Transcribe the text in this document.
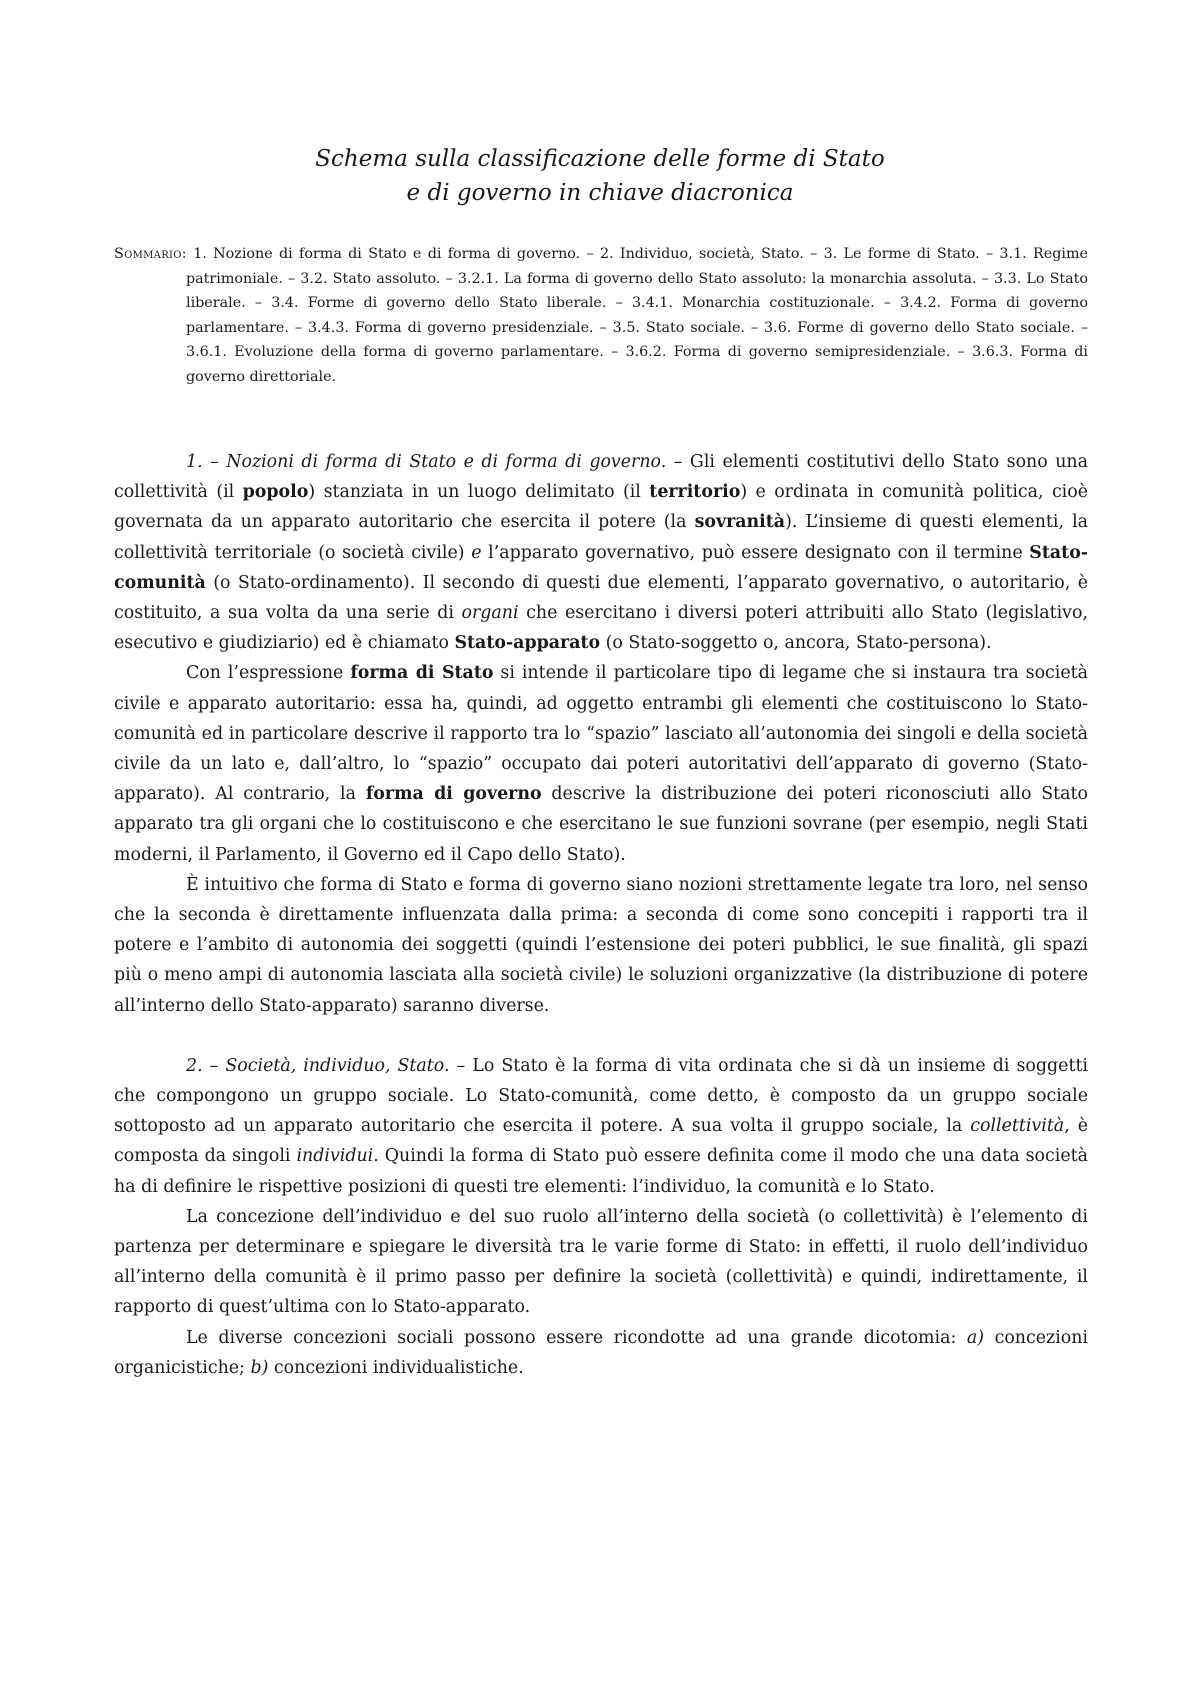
Schema sulla classificazione delle forme di Stato
e di governo in chiave diacronica
Sommario: 1. Nozione di forma di Stato e di forma di governo. – 2. Individuo, società, Stato. – 3. Le forme di Stato. – 3.1. Regime patrimoniale. – 3.2. Stato assoluto. – 3.2.1. La forma di governo dello Stato assoluto: la monarchia assoluta. – 3.3. Lo Stato liberale. – 3.4. Forme di governo dello Stato liberale. – 3.4.1. Monarchia costituzionale. – 3.4.2. Forma di governo parlamentare. – 3.4.3. Forma di governo presidenziale. – 3.5. Stato sociale. – 3.6. Forme di governo dello Stato sociale. – 3.6.1. Evoluzione della forma di governo parlamentare. – 3.6.2. Forma di governo semipresidenziale. – 3.6.3. Forma di governo direttoriale.

1. – Nozioni di forma di Stato e di forma di governo. – Gli elementi costitutivi dello Stato sono una collettività (il popolo) stanziata in un luogo delimitato (il territorio) e ordinata in comunità politica, cioè governata da un apparato autoritario che esercita il potere (la sovranità). L’insieme di questi elementi, la collettività territoriale (o società civile) e l’apparato governativo, può essere designato con il termine Stato-comunità (o Stato-ordinamento). Il secondo di questi due elementi, l’apparato governativo, o autoritario, è costituito, a sua volta da una serie di organi che esercitano i diversi poteri attribuiti allo Stato (legislativo, esecutivo e giudiziario) ed è chiamato Stato-apparato (o Stato-soggetto o, ancora, Stato-persona).

Con l’espressione forma di Stato si intende il particolare tipo di legame che si instaura tra società civile e apparato autoritario: essa ha, quindi, ad oggetto entrambi gli elementi che costituiscono lo Stato-comunità ed in particolare descrive il rapporto tra lo “spazio” lasciato all’autonomia dei singoli e della società civile da un lato e, dall’altro, lo “spazio” occupato dai poteri autoritativi dell’apparato di governo (Stato-apparato). Al contrario, la forma di governo descrive la distribuzione dei poteri riconosciuti allo Stato apparato tra gli organi che lo costituiscono e che esercitano le sue funzioni sovrane (per esempio, negli Stati moderni, il Parlamento, il Governo ed il Capo dello Stato).

È intuitivo che forma di Stato e forma di governo siano nozioni strettamente legate tra loro, nel senso che la seconda è direttamente influenzata dalla prima: a seconda di come sono concepiti i rapporti tra il potere e l’ambito di autonomia dei soggetti (quindi l’estensione dei poteri pubblici, le sue finalità, gli spazi più o meno ampi di autonomia lasciata alla società civile) le soluzioni organizzative (la distribuzione di potere all’interno dello Stato-apparato) saranno diverse.

2. – Società, individuo, Stato. – Lo Stato è la forma di vita ordinata che si dà un insieme di soggetti che compongono un gruppo sociale. Lo Stato-comunità, come detto, è composto da un gruppo sociale sottoposto ad un apparato autoritario che esercita il potere. A sua volta il gruppo sociale, la collettività, è composta da singoli individui. Quindi la forma di Stato può essere definita come il modo che una data società ha di definire le rispettive posizioni di questi tre elementi: l’individuo, la comunità e lo Stato.

La concezione dell’individuo e del suo ruolo all’interno della società (o collettività) è l’elemento di partenza per determinare e spiegare le diversità tra le varie forme di Stato: in effetti, il ruolo dell’individuo all’interno della comunità è il primo passo per definire la società (collettività) e quindi, indirettamente, il rapporto di quest’ultima con lo Stato-apparato.

Le diverse concezioni sociali possono essere ricondotte ad una grande dicotomia: a) concezioni organicistiche; b) concezioni individualistiche.
